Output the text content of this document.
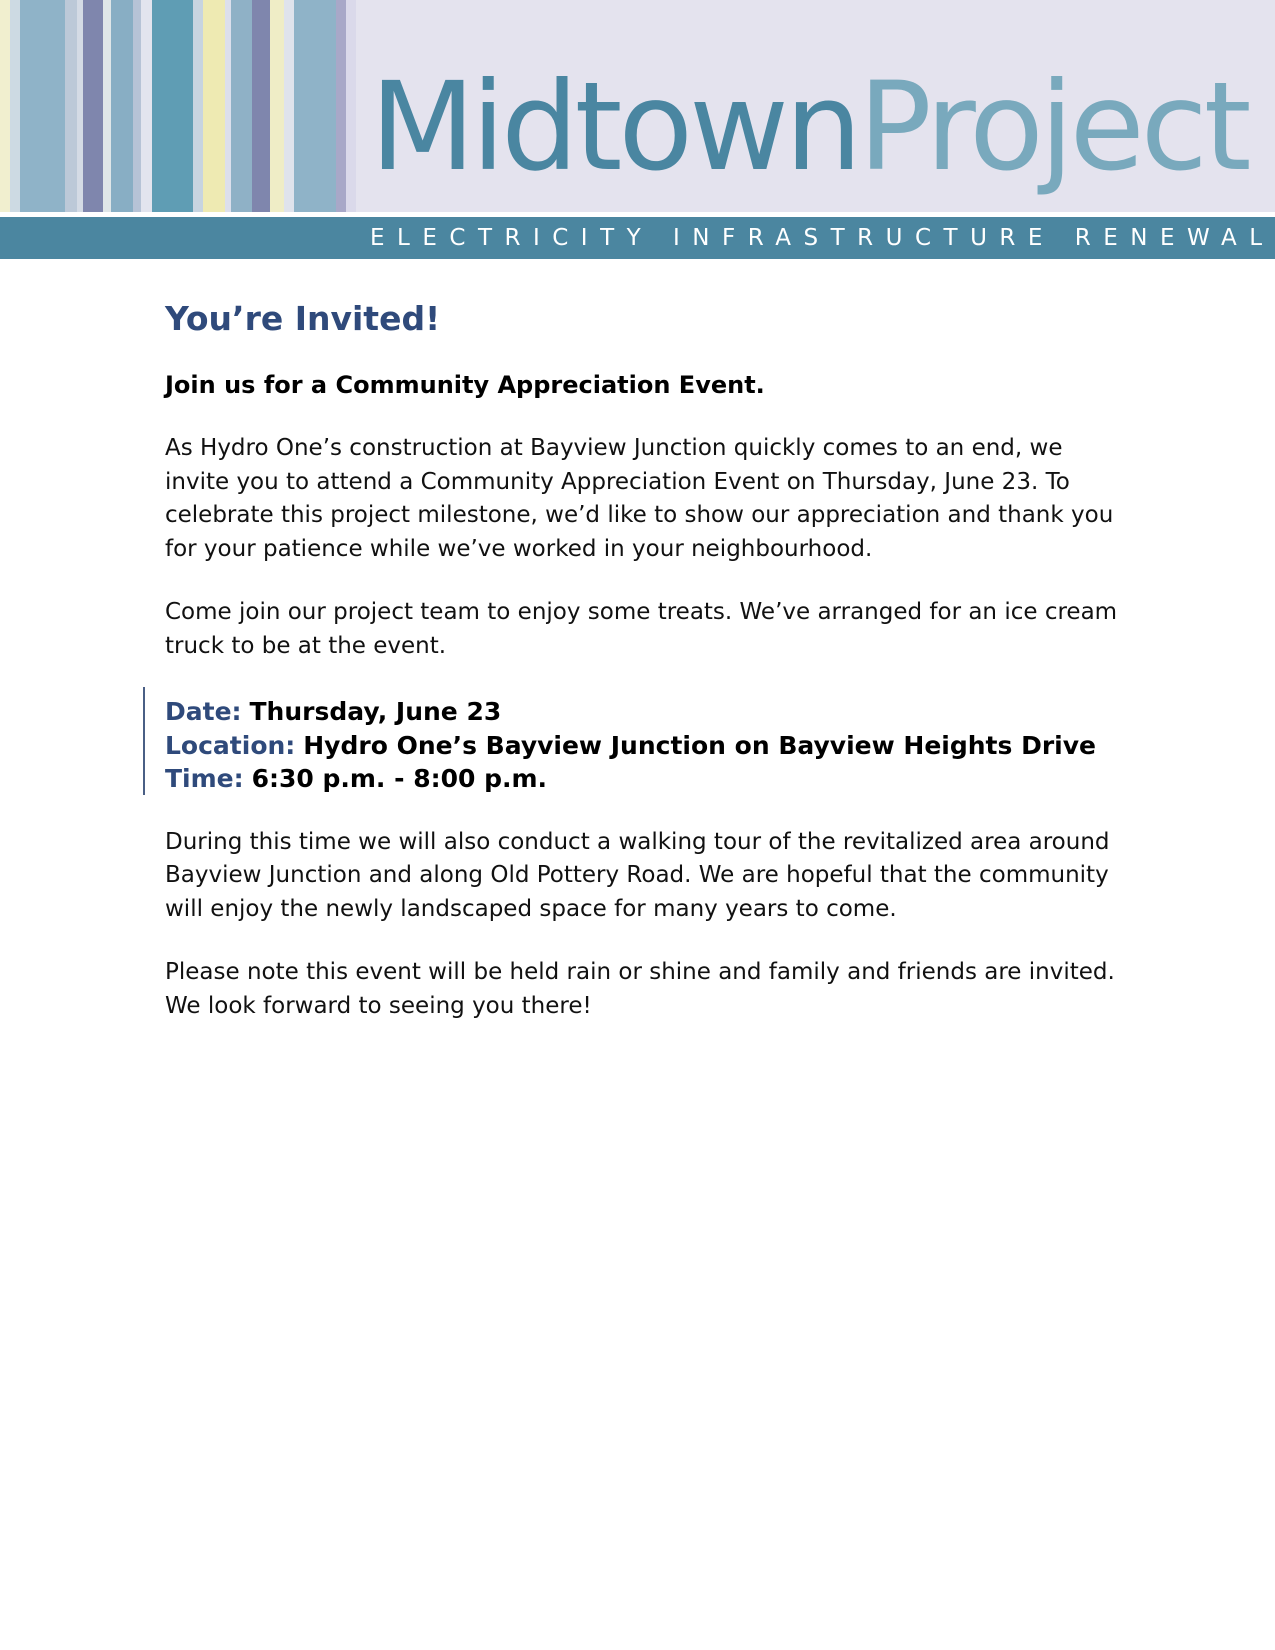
MidtownProject
ELECTRICITY INFRASTRUCTURE RENEWAL
You’re Invited!

Join us for a Community Appreciation Event.

As Hydro One’s construction at Bayview Junction quickly comes to an end, we invite you to attend a Community Appreciation Event on Thursday, June 23. To celebrate this project milestone, we’d like to show our appreciation and thank you for your patience while we’ve worked in your neighbourhood.

Come join our project team to enjoy some treats. We’ve arranged for an ice cream truck to be at the event.

Date: Thursday, June 23
Location: Hydro One’s Bayview Junction on Bayview Heights Drive
Time: 6:30 p.m. - 8:00 p.m.

During this time we will also conduct a walking tour of the revitalized area around Bayview Junction and along Old Pottery Road. We are hopeful that the community will enjoy the newly landscaped space for many years to come.

Please note this event will be held rain or shine and family and friends are invited. We look forward to seeing you there!
